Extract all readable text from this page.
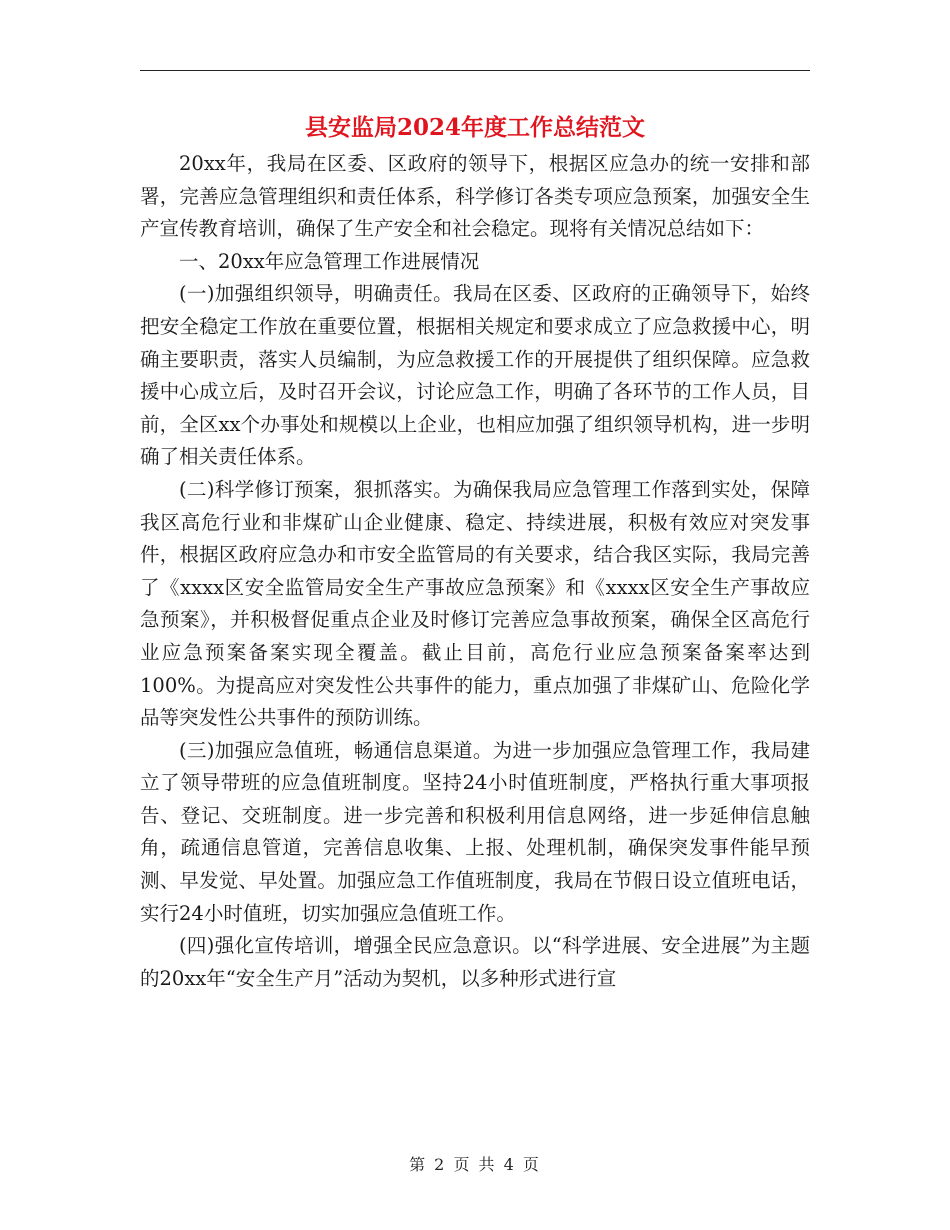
县安监局2024年度工作总结范文

20xx年，我局在区委、区政府的领导下，根据区应急办的统一安排和部署，完善应急管理组织和责任体系，科学修订各类专项应急预案，加强安全生产宣传教育培训，确保了生产安全和社会稳定。现将有关情况总结如下：

一、20xx年应急管理工作进展情况

(一)加强组织领导，明确责任。我局在区委、区政府的正确领导下，始终把安全稳定工作放在重要位置，根据相关规定和要求成立了应急救援中心，明确主要职责，落实人员编制，为应急救援工作的开展提供了组织保障。应急救援中心成立后，及时召开会议，讨论应急工作，明确了各环节的工作人员，目前，全区xx个办事处和规模以上企业，也相应加强了组织领导机构，进一步明确了相关责任体系。

(二)科学修订预案，狠抓落实。为确保我局应急管理工作落到实处，保障我区高危行业和非煤矿山企业健康、稳定、持续进展，积极有效应对突发事件，根据区政府应急办和市安全监管局的有关要求，结合我区实际，我局完善了《xxxx区安全监管局安全生产事故应急预案》和《xxxx区安全生产事故应急预案》，并积极督促重点企业及时修订完善应急事故预案，确保全区高危行业应急预案备案实现全覆盖。截止目前，高危行业应急预案备案率达到100%。为提高应对突发性公共事件的能力，重点加强了非煤矿山、危险化学品等突发性公共事件的预防训练。

(三)加强应急值班，畅通信息渠道。为进一步加强应急管理工作，我局建立了领导带班的应急值班制度。坚持24小时值班制度，严格执行重大事项报告、登记、交班制度。进一步完善和积极利用信息网络，进一步延伸信息触角，疏通信息管道，完善信息收集、上报、处理机制，确保突发事件能早预测、早发觉、早处置。加强应急工作值班制度，我局在节假日设立值班电话，实行24小时值班，切实加强应急值班工作。

(四)强化宣传培训，增强全民应急意识。以“科学进展、安全进展”为主题的20xx年“安全生产月”活动为契机，以多种形式进行宣

第 2 页 共 4 页
